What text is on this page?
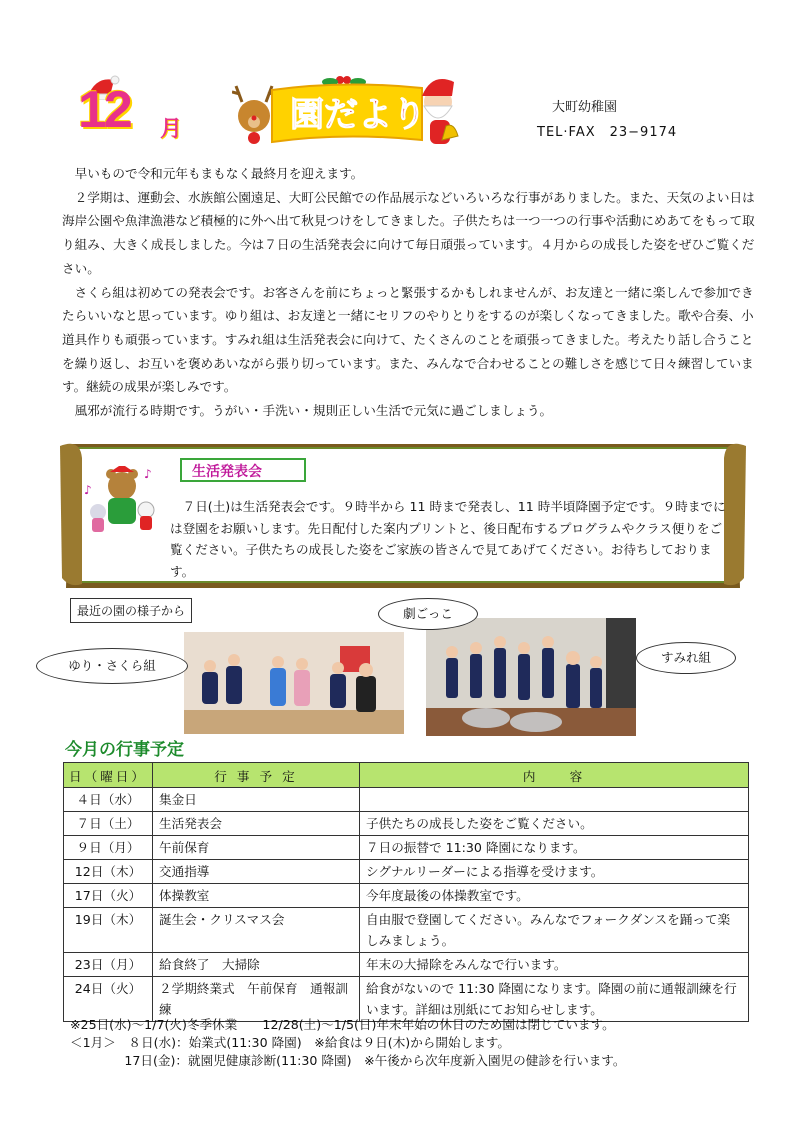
12 月	園だより	大町幼稚園
TEL·FAX　23−9174

早いもので令和元年もまもなく最終月を迎えます。

２学期は、運動会、水族館公園遠足、大町公民館での作品展示などいろいろな行事がありました。また、天気のよい日は海岸公園や魚津漁港など積極的に外へ出て秋見つけをしてきました。子供たちは一つ一つの行事や活動にめあてをもって取り組み、大きく成長しました。今は７日の生活発表会に向けて毎日頑張っています。４月からの成長した姿をぜひご覧ください。

さくら組は初めての発表会です。お客さんを前にちょっと緊張するかもしれませんが、お友達と一緒に楽しんで参加できたらいいなと思っています。ゆり組は、お友達と一緒にセリフのやりとりをするのが楽しくなってきました。歌や合奏、小道具作りも頑張っています。すみれ組は生活発表会に向けて、たくさんのことを頑張ってきました。考えたり話し合うことを繰り返し、お互いを褒めあいながら張り切っています。また、みんなで合わせることの難しさを感じて日々練習しています。継続の成果が楽しみです。

風邪が流行る時期です。うがい・手洗い・規則正しい生活で元気に過ごしましょう。

♪
♪	生活発表会

７日(土)は生活発表会です。９時半から 11 時まで発表し、11 時半頃降園予定です。９時までには登園をお願いします。先日配付した案内プリントと、後日配布するプログラムやクラス便りをご覧ください。子供たちの成長した姿をご家族の皆さんで見てあげてください。お待ちしております。

最近の園の様子から
ゆり・さくら組
劇ごっこ
すみれ組
今月の行事予定
日（曜日）	行 事 予 定	内　　容
４日（水）	集金日	
７日（土）	生活発表会	子供たちの成長した姿をご覧ください。
９日（月）	午前保育	７日の振替で 11:30 降園になります。
12日（木）	交通指導	シグナルリーダーによる指導を受けます。
17日（火）	体操教室	今年度最後の体操教室です。
19日（木）	誕生会・クリスマス会	自由服で登園してください。みんなでフォークダンスを踊って楽しみましょう。
23日（月）	給食終了　大掃除	年末の大掃除をみんなで行います。
24日（火）	２学期終業式　午前保育　通報訓練	給食がないので 11:30 降園になります。降園の前に通報訓練を行います。詳細は別紙にてお知らせします。
※25日(水)～1/7(火)冬季休業　　12/28(土)～1/5(日)年末年始の休日のため園は閉じています。
＜1月＞　８日(水)：始業式(11:30 降園)　※給食は９日(木)から開始します。
　　　　 17日(金)：就園児健康診断(11:30 降園)　※午後から次年度新入園児の健診を行います。
